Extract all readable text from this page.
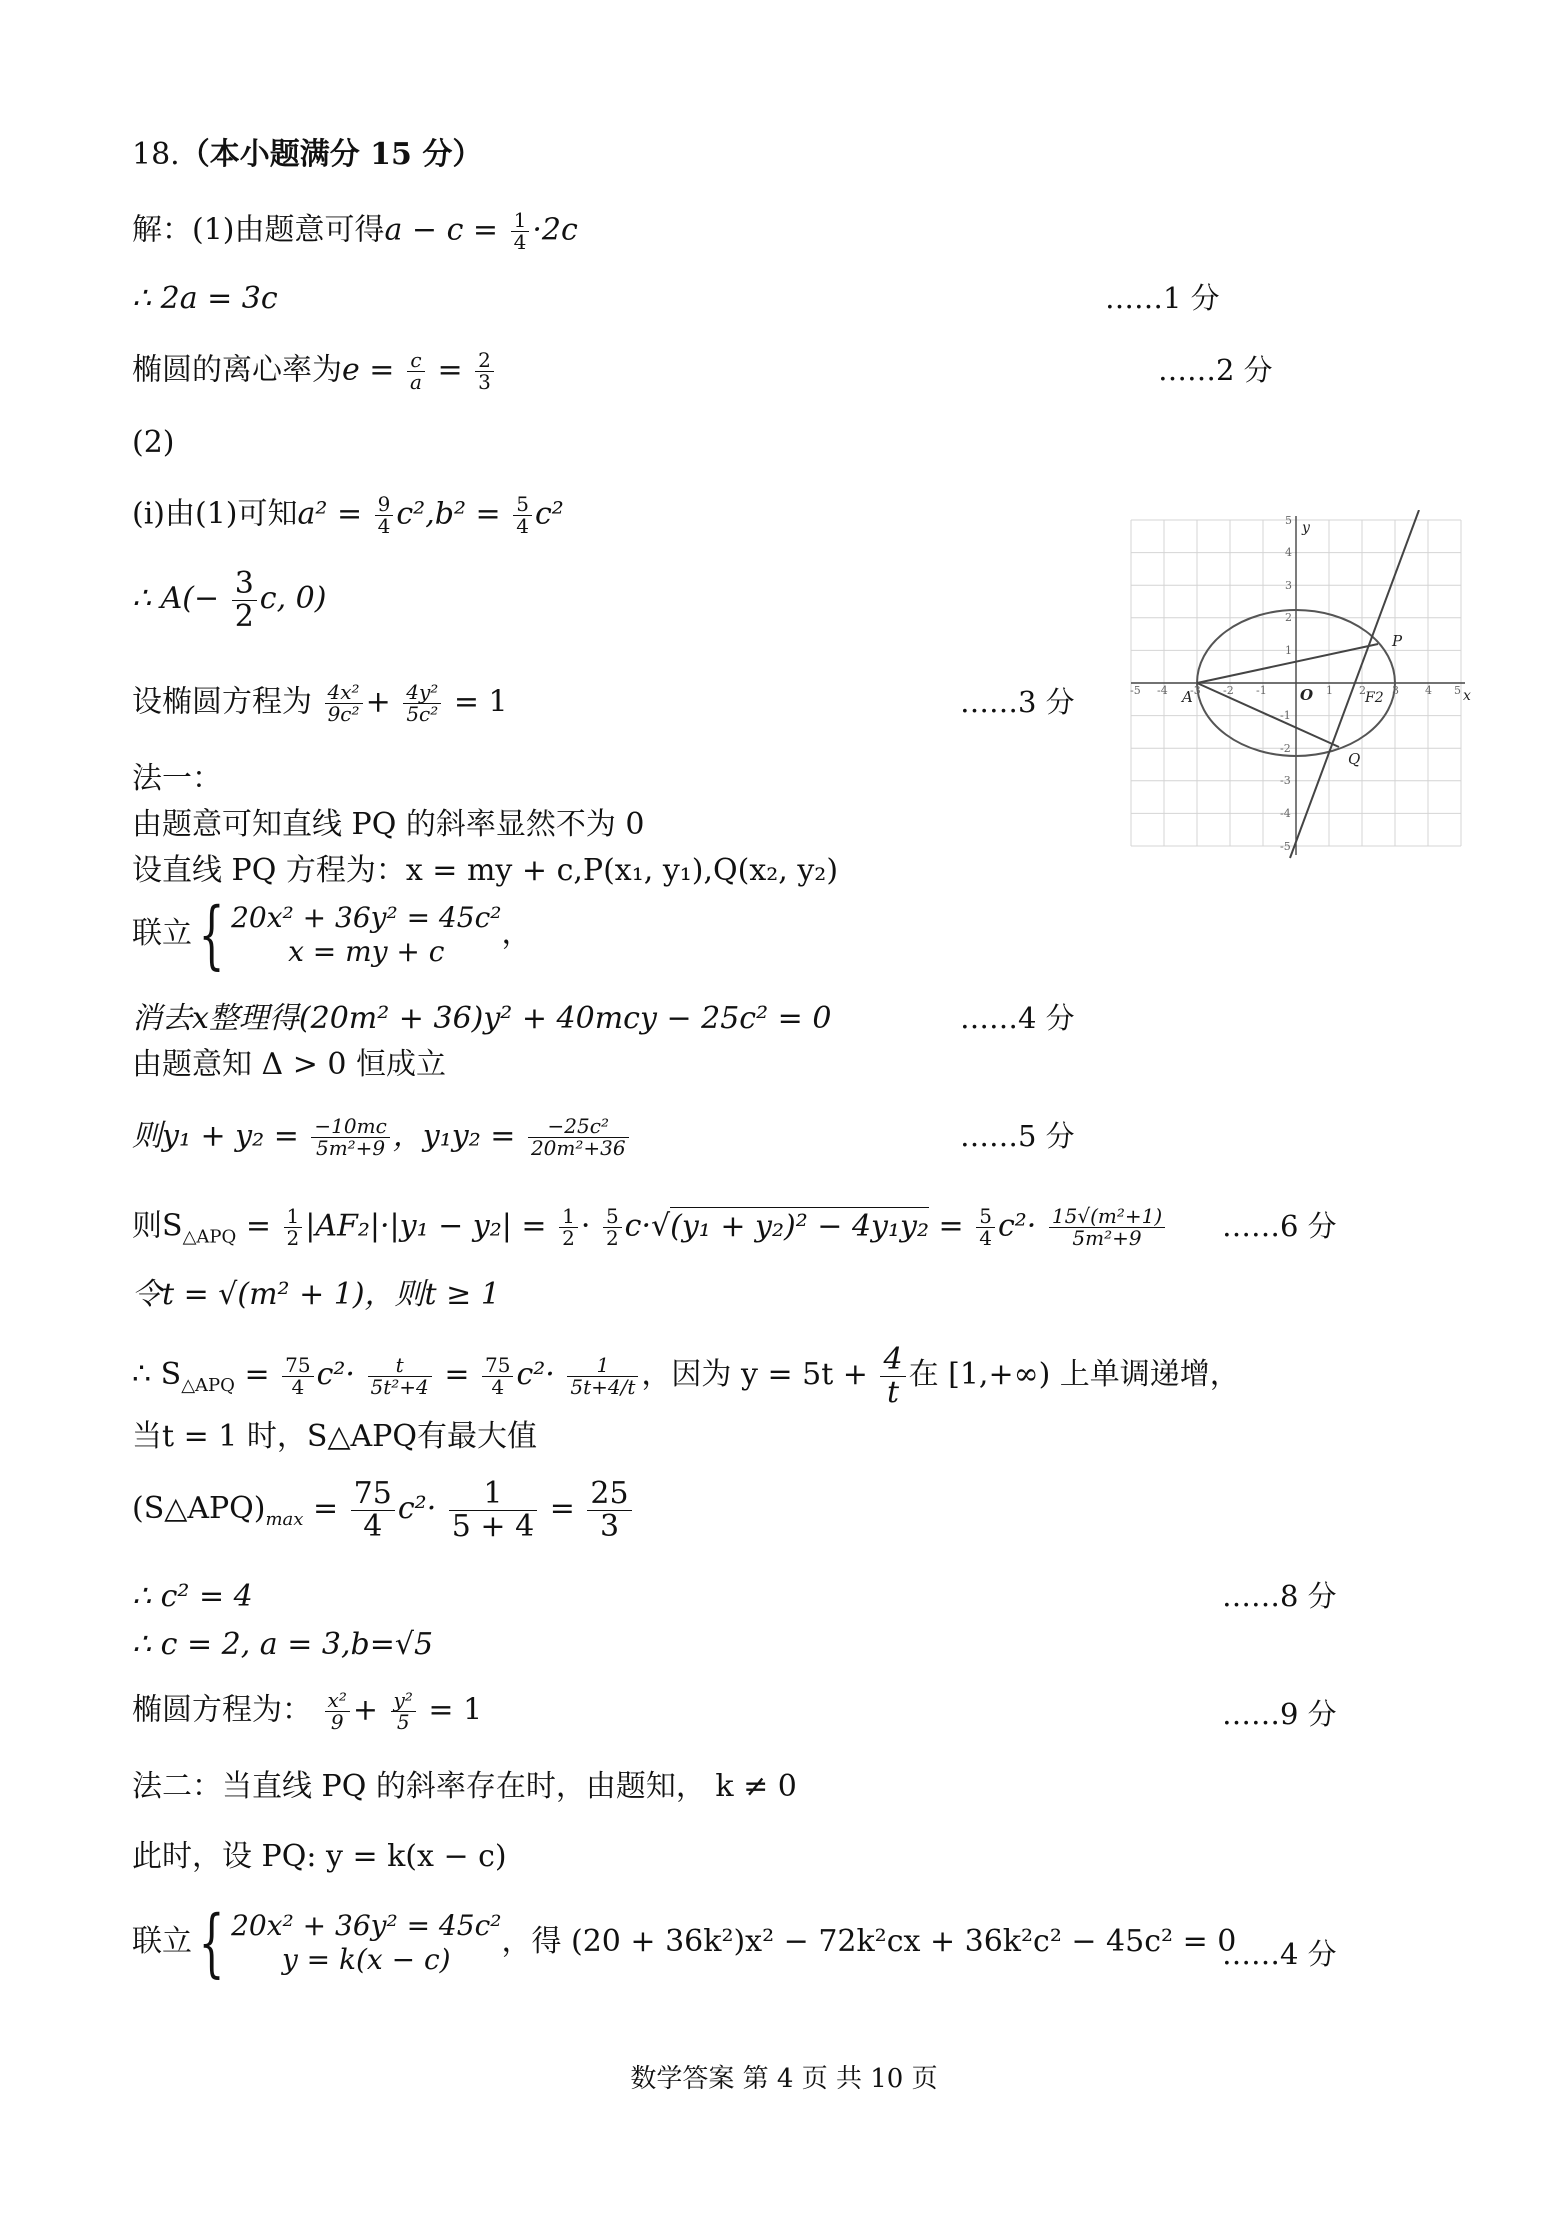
18.（本小题满分 15 分）
解：(1)由题意可得$a - c = \frac{1}{4} \cdot 2c$
∴ 2a = 3c	……1 分
椭圆的离心率为$e = \frac{c}{a} = \frac{2}{3}$	……2 分
(2)
(i)由(1)可知$a^2 = \frac{9}{4} c^2,b^2 = \frac{5}{4} c^2$
∴ $A(- \frac{3}{2} c$, 0)
设椭圆方程为 $\frac{\text{4x²}}{\text{9c²}} + \frac{\text{4y²}}{\text{5c²}} = 1$	……3 分
法一：
由题意可知直线 PQ 的斜率显然不为 0
设直线 PQ 方程为：x = my + c,P(x₁, y₁),Q(x₂, y₂)
联立{ 20x² + 36y² = 45c²
x = my + c
，
消去x整理得(20m² + 36)y² + 40mcy − 25c² = 0	……4 分
由题意知 Δ > 0 恒成立
则$y_1 + y_2 = \frac{-10mc}{\text{5m²+9}}$ ，$y_1y_2 = \frac{\text{−25c²}}{\text{20m²+36}}$	……5 分
则$S_{\triangle APQ} = \frac{1}{2} |AF_2|\cdot|y_1 - y_2| = \frac{1}{2} \cdot \frac{5}{2} c\cdot√(y_1 + y_2)^2 - 4y_1y_2 = \frac{5}{4} c^2\cdot \frac{\text{15√(m²+1)}}{\text{5m²+9}}$ ……6 分
令t = √(m² + 1)，则t ≥ 1
∴ $S_{\triangle APQ} = \frac{75}{4} c^2\cdot \frac{t}{\text{5t²+4}} = \frac{75}{4} c^2\cdot \frac{1}{5t+4/t}$ ，因为 $y = 5t + \frac{4}{t}$ 在 [1,+∞) 上单调递增，
当t = 1 时，S△APQ有最大值
$(S\triangle APQ)_{max} = \frac{75}{4} c^2\cdot \frac{1}{5 + 4} = \frac{25}{3}$
∴ c² = 4	……8 分
∴ c = 2, a = 3,b=√5
椭圆方程为： $\frac{\text{x²}}{9} + \frac{\text{y²}}{5} = 1$	……9 分
法二：当直线 PQ 的斜率存在时，由题知， k ≠ 0
此时，设 PQ: y = k(x − c)
联立{ 20x² + 36y² = 45c²
y = k(x − c)
，得 (20 + 36k²)x² − 72k²cx + 36k²c² − 45c² = 0
……4 分
-5 -4 -3 -2 -1	1 2 3 4 5
5
4
3
2
1
-1
-2
-3
-4
-5
y
x
O
A
P
Q
F2
数学答案 第 4 页 共 10 页
